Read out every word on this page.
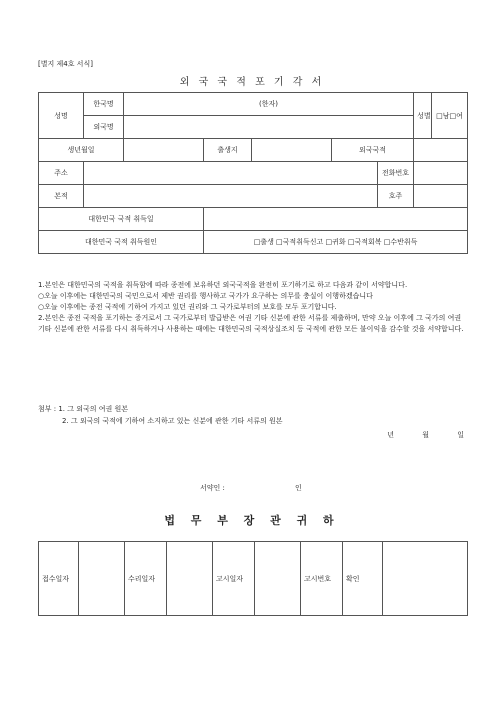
[별지 제4호 서식]
외 국 국 적 포 기 각 서
성명	한국명	(한자)					성별	□남□여
	외국명							
생년월일			출생지		외국국적			
주소						전화번호		
본적						호주		
대한민국 국적 취득일								
대한민국 국적 취득원인			□출생 □국적취득신고 □귀화 □국적회복 □수반취득					

1.본인은 대한민국의 국적을 취득함에 따라 종전에 보유하던 외국국적을 완전히 포기하기로 하고 다음과 같이 서약합니다.

○오늘 이후에는 대한민국의 국민으로서 제반 권리를 행사하고 국가가 요구하는 의무를 충실이 이행하겠습니다

○오늘 이후에는 종전 국적에 기하여 가지고 있던 권리와 그 국가로부터의 보호를 모두 포기합니다.

2.본인은 종전 국적을 포기하는 증거로서 그 국가로부터 발급받은 여권 기타 신분에 관한 서류를 제출하며, 만약 오늘 이후에 그 국가의 여권 기타 신분에 관한 서류를 다시 취득하거나 사용하는 때에는 대한민국의 국적상실조치 등 국적에 관한 모든 불이익을 감수할 것을 서약합니다.

첨부 : 1. 그 외국의 여권 원본

2. 그 외국의 국적에 기하여 소지하고 있는 신분에 관한 기타 서류의 원본

년 월 일
서약인 :	인
법 무 부 장 관 귀 하
접수일자		수리일자		고시일자		고시번호	확인	
